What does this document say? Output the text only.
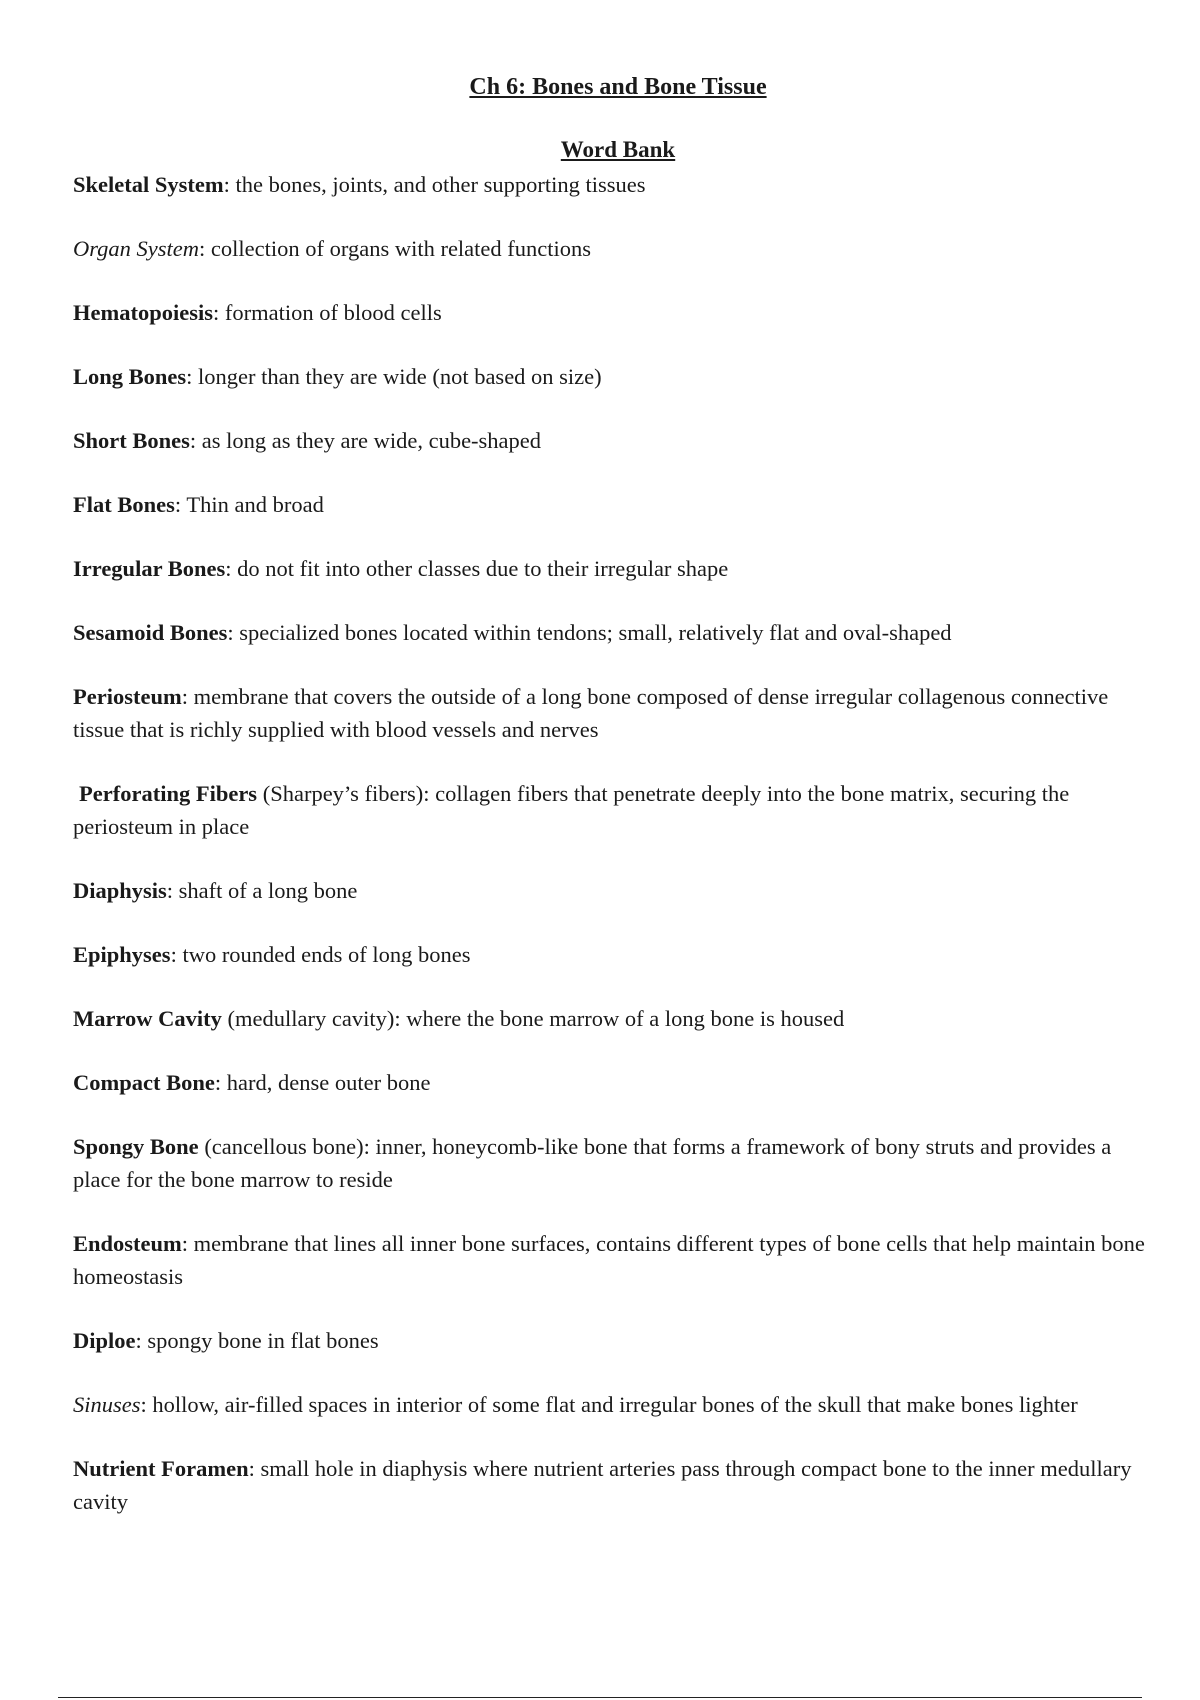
Ch 6: Bones and Bone Tissue
Word Bank

Skeletal System: the bones, joints, and other supporting tissues

Organ System: collection of organs with related functions

Hematopoiesis: formation of blood cells

Long Bones: longer than they are wide (not based on size)

Short Bones: as long as they are wide, cube-shaped

Flat Bones: Thin and broad

Irregular Bones: do not fit into other classes due to their irregular shape

Sesamoid Bones: specialized bones located within tendons; small, relatively flat and oval-shaped

Periosteum: membrane that covers the outside of a long bone composed of dense irregular collagenous connective tissue that is richly supplied with blood vessels and nerves

Perforating Fibers (Sharpey’s fibers): collagen fibers that penetrate deeply into the bone matrix, securing the periosteum in place

Diaphysis: shaft of a long bone

Epiphyses: two rounded ends of long bones

Marrow Cavity (medullary cavity): where the bone marrow of a long bone is housed

Compact Bone: hard, dense outer bone

Spongy Bone (cancellous bone): inner, honeycomb-like bone that forms a framework of bony struts and provides a place for the bone marrow to reside

Endosteum: membrane that lines all inner bone surfaces, contains different types of bone cells that help maintain bone homeostasis

Diploe: spongy bone in flat bones

Sinuses: hollow, air-filled spaces in interior of some flat and irregular bones of the skull that make bones lighter

Nutrient Foramen: small hole in diaphysis where nutrient arteries pass through compact bone to the inner medullary cavity
